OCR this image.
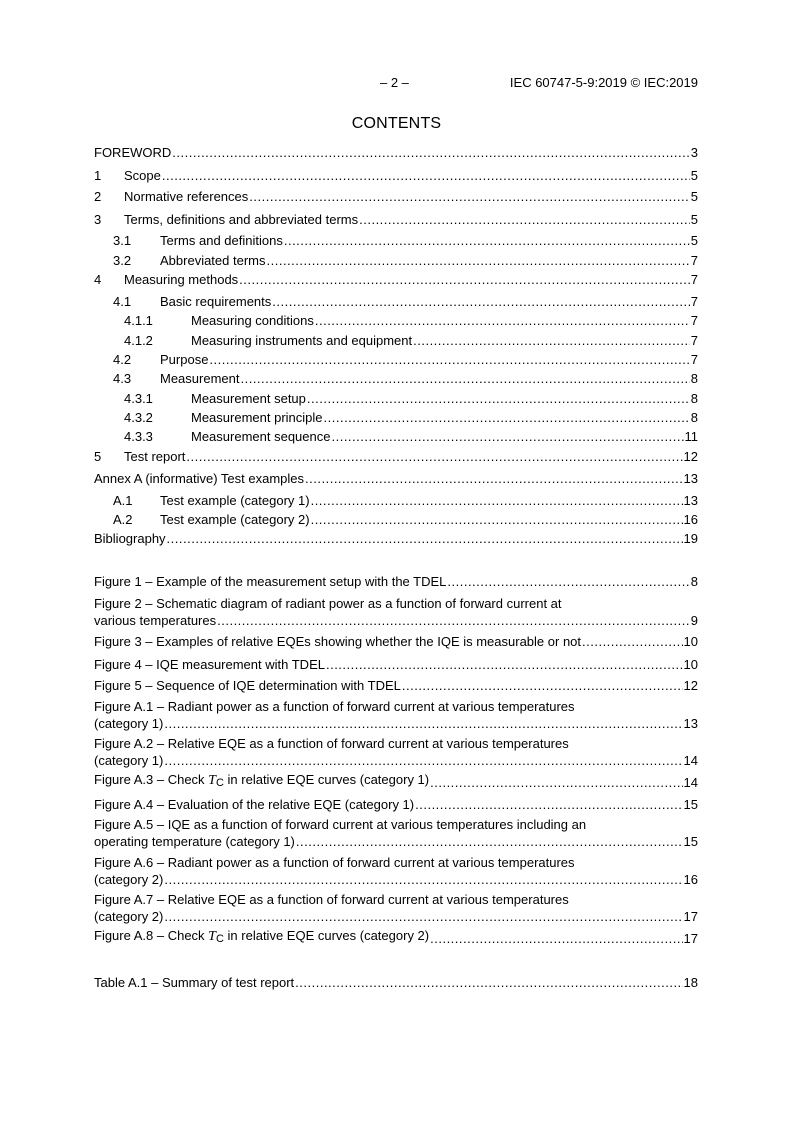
– 2 –	IEC 60747-5-9:2019 © IEC:2019
CONTENTS
FOREWORD .....	3
1	Scope .....	5
2	Normative references .....	5
3	Terms, definitions and abbreviated terms .....	5
3.1	Terms and definitions .....	5
3.2	Abbreviated terms .....	7
4	Measuring methods .....	7
4.1	Basic requirements .....	7
4.1.1	Measuring conditions .....	7
4.1.2	Measuring instruments and equipment .....	7
4.2	Purpose .....	7
4.3	Measurement .....	8
4.3.1	Measurement setup .....	8
4.3.2	Measurement principle .....	8
4.3.3	Measurement sequence .....	11
5	Test report .....	12
Annex A (informative) Test examples .....	13
A.1	Test example (category 1) .....	13
A.2	Test example (category 2) .....	16
Bibliography .....	19
Figure 1 – Example of the measurement setup with the TDEL .....	8
Figure 2 – Schematic diagram of radiant power as a function of forward current at
various temperatures .....	9
Figure 3 – Examples of relative EQEs showing whether the IQE is measurable or not .....	10
Figure 4 – IQE measurement with TDEL .....	10
Figure 5 – Sequence of IQE determination with TDEL .....	12
Figure A.1 – Radiant power as a function of forward current at various temperatures
(category 1) .....	13
Figure A.2 – Relative EQE as a function of forward current at various temperatures
(category 1) .....	14
Figure A.3 – Check $T_C$ in relative EQE curves (category 1) .....	14
Figure A.4 – Evaluation of the relative EQE (category 1) .....	15
Figure A.5 – IQE as a function of forward current at various temperatures including an
operating temperature (category 1) .....	15
Figure A.6 – Radiant power as a function of forward current at various temperatures
(category 2) .....	16
Figure A.7 – Relative EQE as a function of forward current at various temperatures
(category 2) .....	17
Figure A.8 – Check $T_C$ in relative EQE curves (category 2) .....	17
Table A.1 – Summary of test report .....	18
